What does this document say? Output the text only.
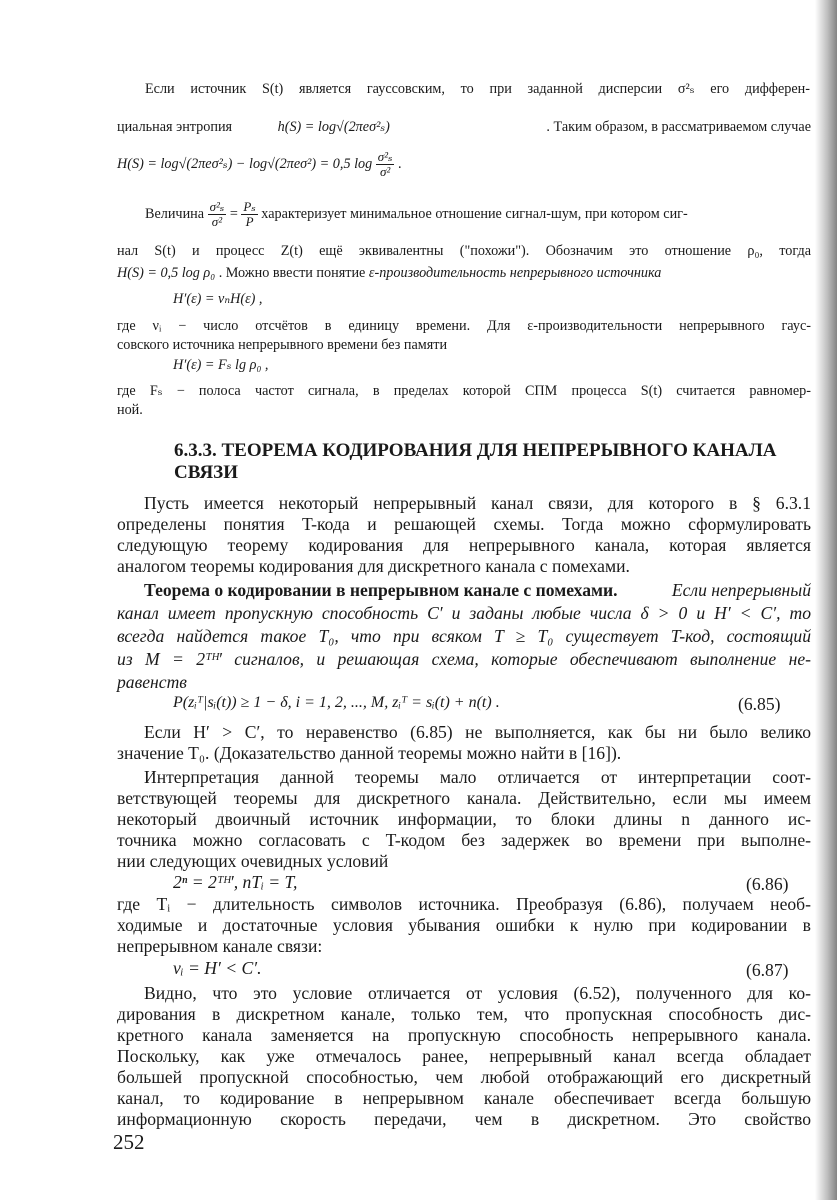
Если источник S(t) является гауссовским, то при заданной дисперсии σ²ₛ его дифферен-
циальная энтропия	h(S) = log√(2πeσ²ₛ)	. Таким образом, в рассматриваемом случае
H(S) = log√(2πeσ²ₛ) − log√(2πeσ²) = 0,5 $\log \frac{\text{σ²ₛ}}{\text{σ²}}$ .
Величина $\frac{\text{σ²ₛ}}{\text{σ²}} = \frac{\text{Pₛ}}{P}$ характеризует минимальное отношение сигнал-шум, при котором сиг-
нал S(t) и процесс Z(t) ещё эквивалентны ("похожи"). Обозначим это отношение ρ₀, тогда
H(S) = 0,5 log ρ₀ . Можно ввести понятие ε-производительность непрерывного источника
H′(ε) = νₙH(ε) ,
где νᵢ − число отсчётов в единицу времени. Для ε-производительности непрерывного гаус-
совского источника непрерывного времени без памяти
H′(ε) = Fₛ lg ρ₀ ,
где Fₛ − полоса частот сигнала, в пределах которой СПМ процесса S(t) считается равномер-
ной.
6.3.3. ТЕОРЕМА КОДИРОВАНИЯ ДЛЯ НЕПРЕРЫВНОГО КАНАЛА
СВЯЗИ
Пусть имеется некоторый непрерывный канал связи, для которого в § 6.3.1
определены понятия T-кода и решающей схемы. Тогда можно сформулировать
следующую теорему кодирования для непрерывного канала, которая является
аналогом теоремы кодирования для дискретного канала с помехами.
Теорема о кодировании в непрерывном канале с помехами.	Если непрерывный
канал имеет пропускную способность C′ и заданы любые числа δ > 0 и H′ < C′, то
всегда найдется такое T₀, что при всяком T ≥ T₀ существует T-код, состоящий
из M = 2ᵀᴴ′ сигналов, и решающая схема, которые обеспечивают выполнение не-
равенств
P(zᵢᵀ|sᵢ(t)) ≥ 1 − δ, i = 1, 2, ..., M, zᵢᵀ = sᵢ(t) + n(t) .	(6.85)
Если H′ > C′, то неравенство (6.85) не выполняется, как бы ни было велико
значение T₀. (Доказательство данной теоремы можно найти в [16]).
Интерпретация данной теоремы мало отличается от интерпретации соот-
ветствующей теоремы для дискретного канала. Действительно, если мы имеем
некоторый двоичный источник информации, то блоки длины n данного ис-
точника можно согласовать с T-кодом без задержек во времени при выполне-
нии следующих очевидных условий
2ⁿ = 2ᵀᴴ′, nTᵢ = T,	(6.86)
где Tᵢ − длительность символов источника. Преобразуя (6.86), получаем необ-
ходимые и достаточные условия убывания ошибки к нулю при кодировании в
непрерывном канале связи:
νᵢ = H′ < C′.	(6.87)
Видно, что это условие отличается от условия (6.52), полученного для ко-
дирования в дискретном канале, только тем, что пропускная способность дис-
кретного канала заменяется на пропускную способность непрерывного канала.
Поскольку, как уже отмечалось ранее, непрерывный канал всегда обладает
большей пропускной способностью, чем любой отображающий его дискретный
канал, то кодирование в непрерывном канале обеспечивает всегда большую
информационную скорость передачи, чем в дискретном. Это свойство
252
